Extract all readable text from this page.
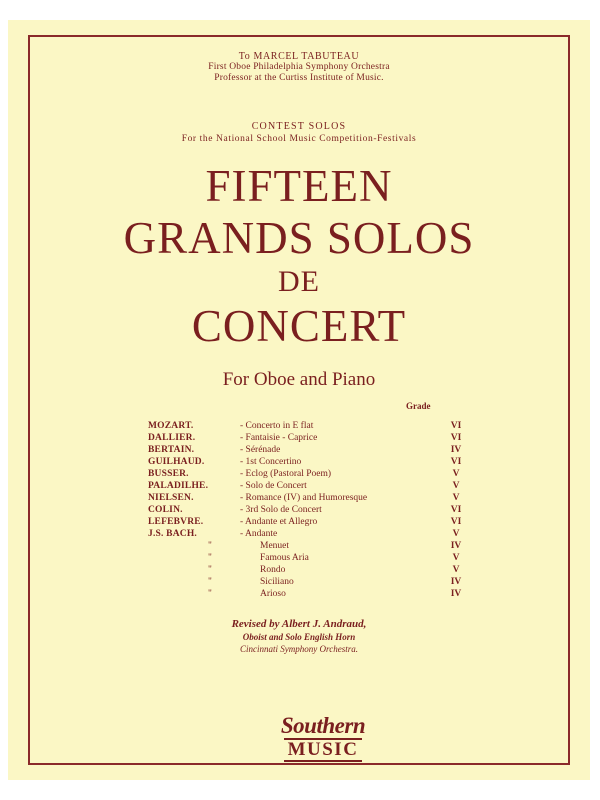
To MARCEL TABUTEAU
First Oboe Philadelphia Symphony Orchestra
Professor at the Curtiss Institute of Music.
CONTEST SOLOS
For the National School Music Competition-Festivals
FIFTEEN
GRANDS SOLOS
DE
CONCERT
For Oboe and Piano
Grade
MOZART.	- Concerto in E flat	VI
DALLIER.	- Fantaisie - Caprice	VI
BERTAIN.	- Sérénade	IV
GUILHAUD.	- 1st Concertino	VI
BUSSER.	- Eclog (Pastoral Poem)	V
PALADILHE.	- Solo de Concert	V
NIELSEN.	- Romance (IV) and Humoresque	V
COLIN.	- 3rd Solo de Concert	VI
LEFEBVRE.	- Andante et Allegro	VI
J.S. BACH.	- Andante	V
"	Menuet	IV
"	Famous Aria	V
"	Rondo	V
"	Siciliano	IV
"	Arioso	IV
Revised by Albert J. Andraud,
Oboist and Solo English Horn
Cincinnati Symphony Orchestra.
Southern
MUSIC
